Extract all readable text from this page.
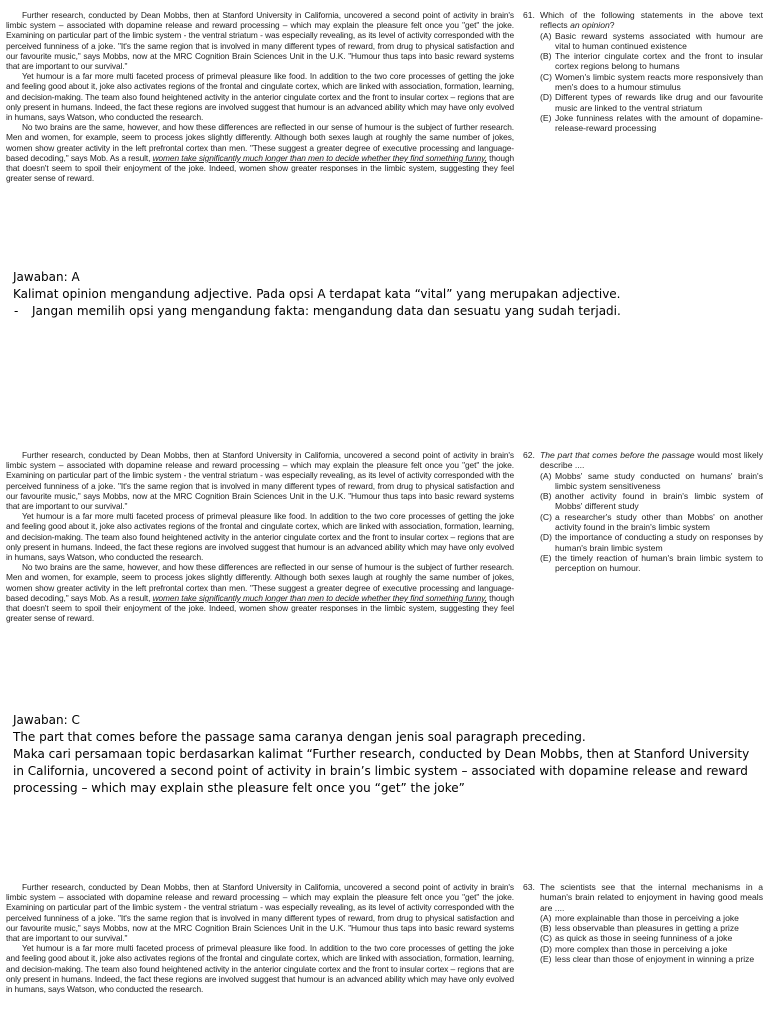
Further research, conducted by Dean Mobbs, then at Stanford University in California, uncovered a second point of activity in brain's limbic system – associated with dopamine release and reward processing – which may explain the pleasure felt once you "get" the joke. Examining on particular part of the limbic system - the ventral striatum - was especially revealing, as its level of activity corresponded with the perceived funniness of a joke. "It's the same region that is involved in many different types of reward, from drug to physical satisfaction and our favourite music," says Mobbs, now at the MRC Cognition Brain Sciences Unit in the U.K. "Humour thus taps into basic reward systems that are important to our survival."

Yet humour is a far more multi faceted process of primeval pleasure like food. In addition to the two core processes of getting the joke and feeling good about it, joke also activates regions of the frontal and cingulate cortex, which are linked with association, formation, learning, and decision-making. The team also found heightened activity in the anterior cingulate cortex and the front to insular cortex – regions that are only present in humans. Indeed, the fact these regions are involved suggest that humour is an advanced ability which may have only evolved in humans, says Watson, who conducted the research.

No two brains are the same, however, and how these differences are reflected in our sense of humour is the subject of further research. Men and women, for example, seem to process jokes slightly differently. Although both sexes laugh at roughly the same number of jokes, women show greater activity in the left prefrontal cortex than men. "These suggest a greater degree of executive processing and language-based decoding," says Mob. As a result, women take significantly much longer than men to decide whether they find something funny, though that doesn't seem to spoil their enjoyment of the joke. Indeed, women show greater responses in the limbic system, suggesting they feel greater sense of reward.

61. Which of the following statements in the above text reflects an opinion?
(A) Basic reward systems associated with humour are vital to human continued existence
(B) The interior cingulate cortex and the front to insular cortex regions belong to humans
(C) Women's limbic system reacts more responsively than men's does to a humour stimulus
(D) Different types of rewards like drug and our favourite music are linked to the ventral striatum
(E) Joke funniness relates with the amount of dopamine-release-reward processing

Jawaban: A

Kalimat opinion mengandung adjective. Pada opsi A terdapat kata “vital” yang merupakan adjective.

-	Jangan memilih opsi yang mengandung fakta: mengandung data dan sesuatu yang sudah terjadi.

Further research, conducted by Dean Mobbs, then at Stanford University in California, uncovered a second point of activity in brain's limbic system – associated with dopamine release and reward processing – which may explain the pleasure felt once you "get" the joke. Examining on particular part of the limbic system - the ventral striatum - was especially revealing, as its level of activity corresponded with the perceived funniness of a joke. "It's the same region that is involved in many different types of reward, from drug to physical satisfaction and our favourite music," says Mobbs, now at the MRC Cognition Brain Sciences Unit in the U.K. "Humour thus taps into basic reward systems that are important to our survival."

Yet humour is a far more multi faceted process of primeval pleasure like food. In addition to the two core processes of getting the joke and feeling good about it, joke also activates regions of the frontal and cingulate cortex, which are linked with association, formation, learning, and decision-making. The team also found heightened activity in the anterior cingulate cortex and the front to insular cortex – regions that are only present in humans. Indeed, the fact these regions are involved suggest that humour is an advanced ability which may have only evolved in humans, says Watson, who conducted the research.

No two brains are the same, however, and how these differences are reflected in our sense of humour is the subject of further research. Men and women, for example, seem to process jokes slightly differently. Although both sexes laugh at roughly the same number of jokes, women show greater activity in the left prefrontal cortex than men. "These suggest a greater degree of executive processing and language-based decoding," says Mob. As a result, women take significantly much longer than men to decide whether they find something funny, though that doesn't seem to spoil their enjoyment of the joke. Indeed, women show greater responses in the limbic system, suggesting they feel greater sense of reward.

62. The part that comes before the passage would most likely describe ....
(A) Mobbs' same study conducted on humans' brain's limbic system sensitiveness
(B) another activity found in brain's limbic system of Mobbs' different study
(C) a researcher's study other than Mobbs' on another activity found in the brain's limbic system
(D) the importance of conducting a study on responses by human's brain limbic system
(E) the timely reaction of human's brain limbic system to perception on humour.

Jawaban: C

The part that comes before the passage sama caranya dengan jenis soal paragraph preceding.

Maka cari persamaan topic berdasarkan kalimat “Further research, conducted by Dean Mobbs, then at Stanford University in California, uncovered a second point of activity in brain’s limbic system – associated with dopamine release and reward processing – which may explain sthe pleasure felt once you “get” the joke”

Further research, conducted by Dean Mobbs, then at Stanford University in California, uncovered a second point of activity in brain's limbic system – associated with dopamine release and reward processing – which may explain the pleasure felt once you "get" the joke. Examining on particular part of the limbic system - the ventral striatum - was especially revealing, as its level of activity corresponded with the perceived funniness of a joke. "It's the same region that is involved in many different types of reward, from drug to physical satisfaction and our favourite music," says Mobbs, now at the MRC Cognition Brain Sciences Unit in the U.K. "Humour thus taps into basic reward systems that are important to our survival."

Yet humour is a far more multi faceted process of primeval pleasure like food. In addition to the two core processes of getting the joke and feeling good about it, joke also activates regions of the frontal and cingulate cortex, which are linked with association, formation, learning, and decision-making. The team also found heightened activity in the anterior cingulate cortex and the front to insular cortex – regions that are only present in humans. Indeed, the fact these regions are involved suggest that humour is an advanced ability which may have only evolved in humans, says Watson, who conducted the research.

63. The scientists see that the internal mechanisms in a human's brain related to enjoyment in having good meals are ....
(A) more explainable than those in perceiving a joke
(B) less observable than pleasures in getting a prize
(C) as quick as those in seeing funniness of a joke
(D) more complex than those in perceiving a joke
(E) less clear than those of enjoyment in winning a prize
